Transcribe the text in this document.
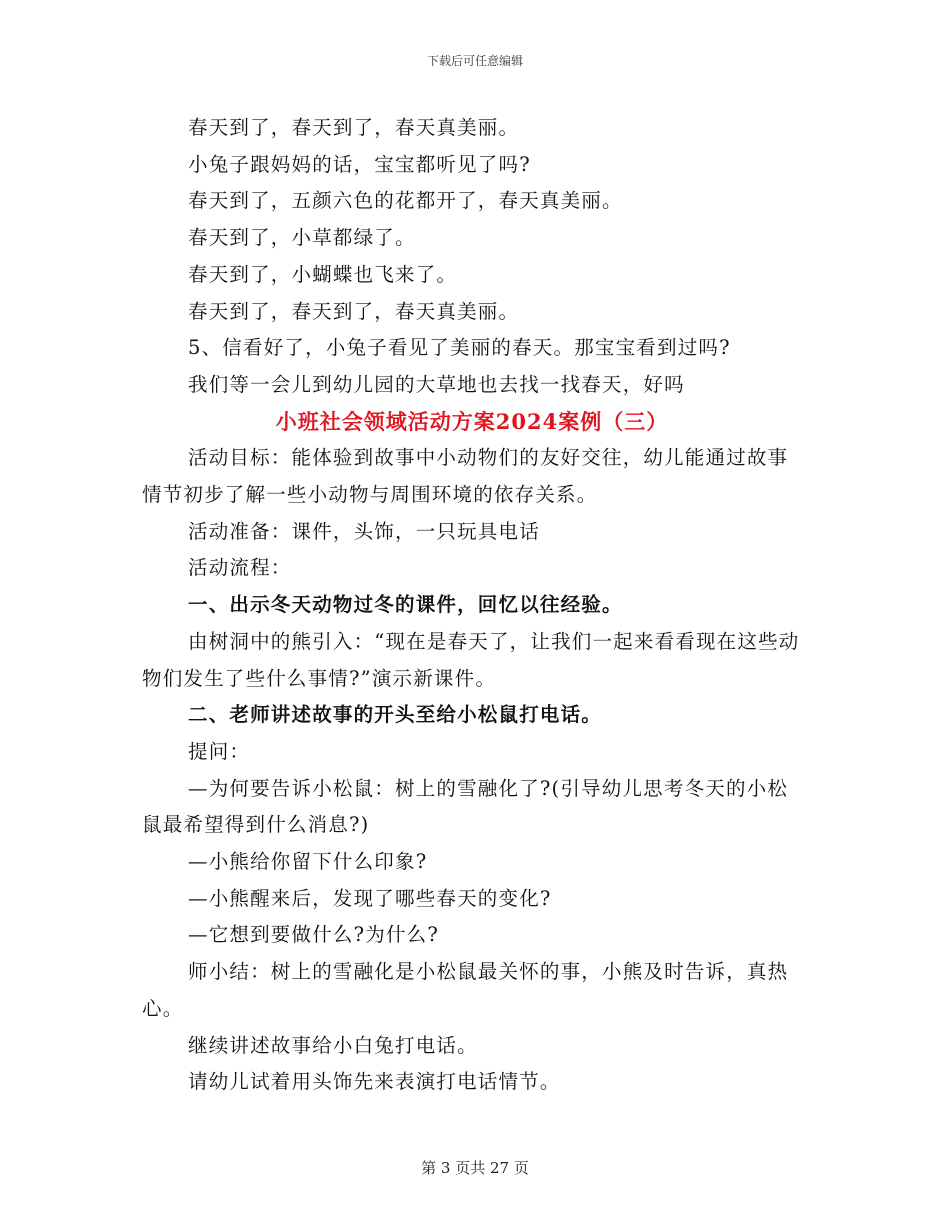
下载后可任意编辑
春天到了，春天到了，春天真美丽。
小兔子跟妈妈的话，宝宝都听见了吗?
春天到了，五颜六色的花都开了，春天真美丽。
春天到了，小草都绿了。
春天到了，小蝴蝶也飞来了。
春天到了，春天到了，春天真美丽。
5、信看好了，小兔子看见了美丽的春天。那宝宝看到过吗?
我们等一会儿到幼儿园的大草地也去找一找春天，好吗
小班社会领域活动方案2024案例（三）
活动目标：能体验到故事中小动物们的友好交往，幼儿能通过故事情节初步了解一些小动物与周围环境的依存关系。
活动准备：课件，头饰，一只玩具电话
活动流程：
一、出示冬天动物过冬的课件，回忆以往经验。
由树洞中的熊引入：“现在是春天了，让我们一起来看看现在这些动物们发生了些什么事情?”演示新课件。
二、老师讲述故事的开头至给小松鼠打电话。
提问：
—为何要告诉小松鼠：树上的雪融化了?(引导幼儿思考冬天的小松鼠最希望得到什么消息?)
—小熊给你留下什么印象?
—小熊醒来后，发现了哪些春天的变化?
—它想到要做什么?为什么?
师小结：树上的雪融化是小松鼠最关怀的事，小熊及时告诉，真热心。
继续讲述故事给小白兔打电话。
请幼儿试着用头饰先来表演打电话情节。
第 3 页共 27 页
